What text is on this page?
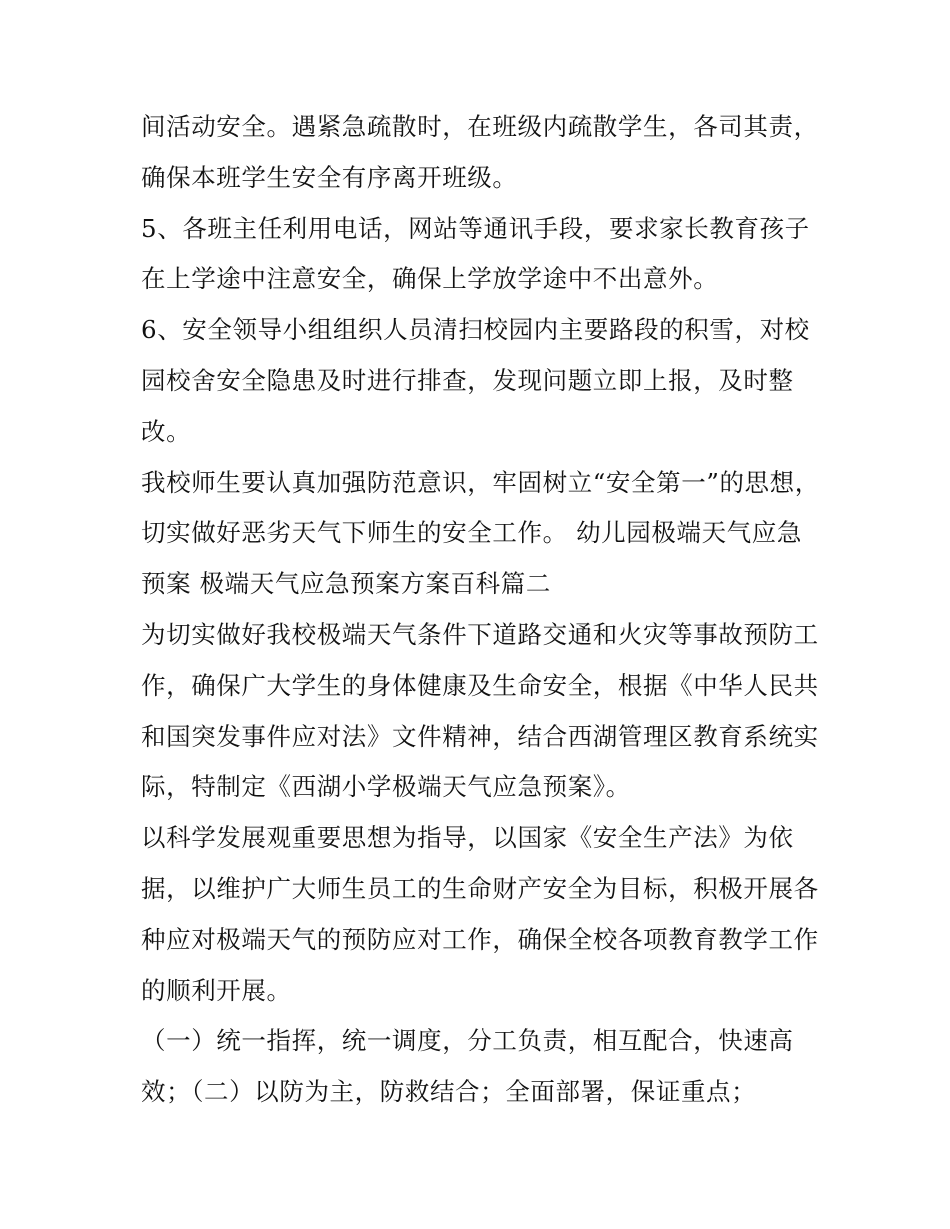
间活动安全。遇紧急疏散时，在班级内疏散学生，各司其责，
确保本班学生安全有序离开班级。
5、各班主任利用电话，网站等通讯手段，要求家长教育孩子
在上学途中注意安全，确保上学放学途中不出意外。
6、安全领导小组组织人员清扫校园内主要路段的积雪，对校
园校舍安全隐患及时进行排查，发现问题立即上报，及时整
改。
我校师生要认真加强防范意识，牢固树立“安全第一”的思想，
切实做好恶劣天气下师生的安全工作。 幼儿园极端天气应急
预案 极端天气应急预案方案百科篇二
为切实做好我校极端天气条件下道路交通和火灾等事故预防工
作，确保广大学生的身体健康及生命安全，根据《中华人民共
和国突发事件应对法》文件精神，结合西湖管理区教育系统实
际，特制定《西湖小学极端天气应急预案》。
以科学发展观重要思想为指导，以国家《安全生产法》为依
据，以维护广大师生员工的生命财产安全为目标，积极开展各
种应对极端天气的预防应对工作，确保全校各项教育教学工作
的顺利开展。
（一）统一指挥，统一调度，分工负责，相互配合，快速高
效；（二）以防为主，防救结合；全面部署，保证重点；
